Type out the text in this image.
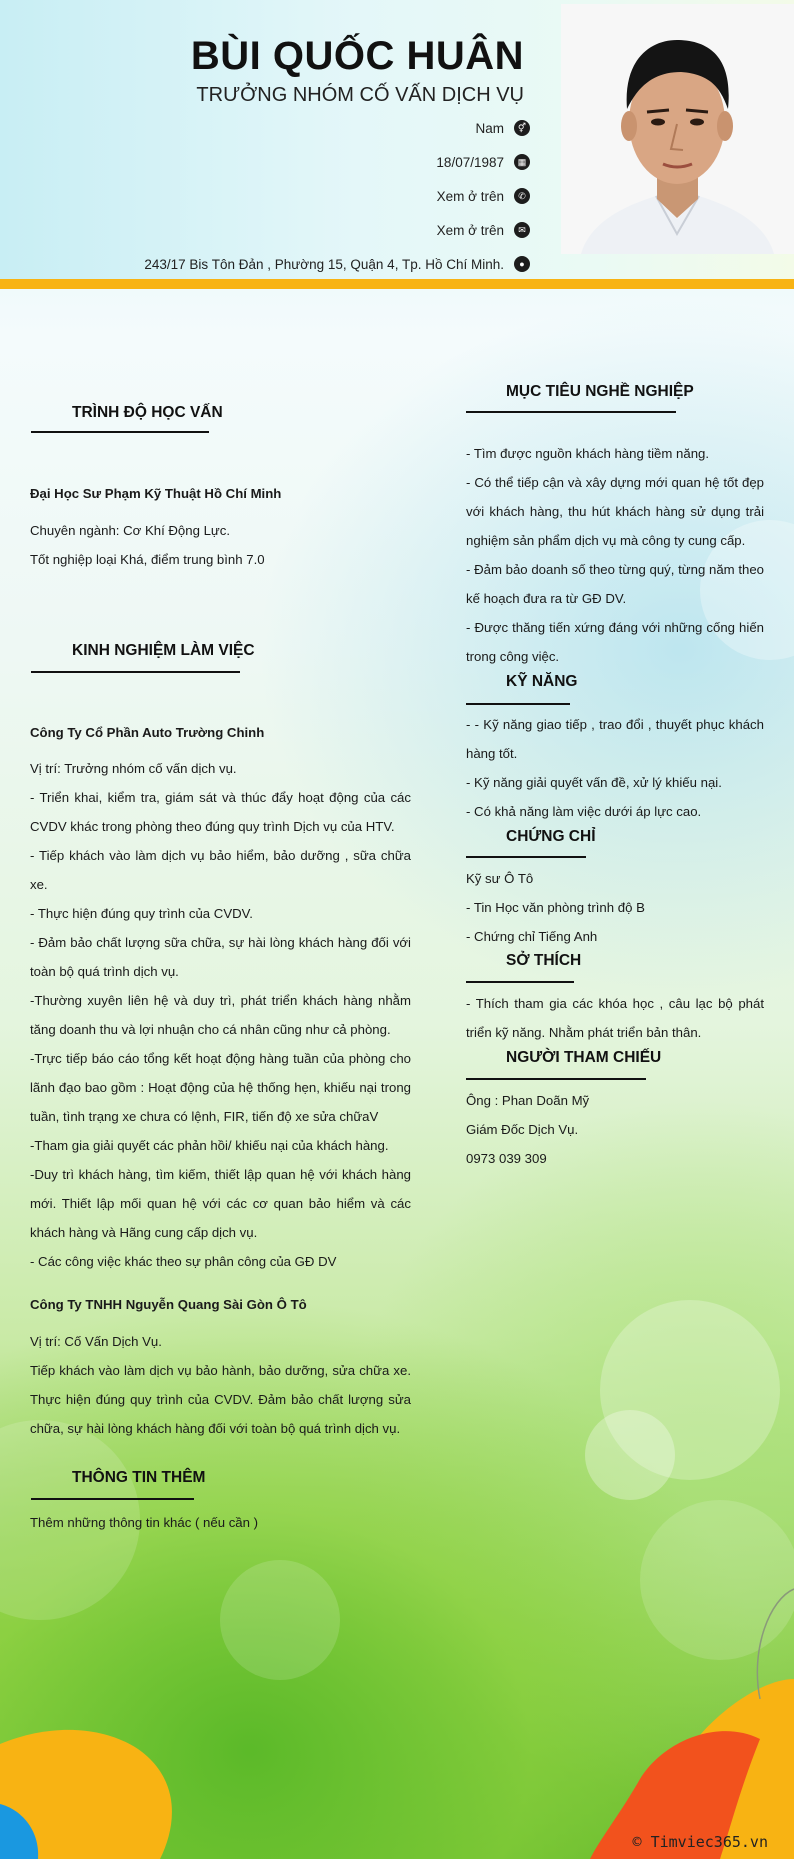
BÙI QUỐC HUÂN
TRƯỞNG NHÓM CỐ VẤN DỊCH VỤ
Nam	⚥
18/07/1987	▦
Xem ở trên	✆
Xem ở trên	✉
243/17 Bis Tôn Đản , Phường 15, Quận 4, Tp. Hồ Chí Minh.	●
TRÌNH ĐỘ HỌC VẤN
Đại Học Sư Phạm Kỹ Thuật Hồ Chí Minh
Chuyên ngành: Cơ Khí Động Lực.
Tốt nghiệp loại Khá, điểm trung bình 7.0
KINH NGHIỆM LÀM VIỆC
Công Ty Cổ Phần Auto Trường Chinh
Vị trí: Trưởng nhóm cố vấn dịch vụ.
- Triển khai, kiểm tra, giám sát và thúc đẩy hoạt động của các CVDV khác trong phòng theo đúng quy trình Dịch vụ của HTV.
- Tiếp khách vào làm dịch vụ bảo hiểm, bảo dưỡng , sữa chữa xe.
- Thực hiện đúng quy trình của CVDV.
- Đảm bảo chất lượng sữa chữa, sự hài lòng khách hàng đối với toàn bộ quá trình dịch vụ.
-Thường xuyên liên hệ và duy trì, phát triển khách hàng nhằm tăng doanh thu và lợi nhuận cho cá nhân cũng như cả phòng.
-Trực tiếp báo cáo tổng kết hoạt động hàng tuần của phòng cho lãnh đạo bao gồm : Hoạt động của hệ thống hẹn, khiếu nại trong tuần, tình trạng xe chưa có lệnh, FIR, tiến độ xe sửa chữaV
-Tham gia giải quyết các phản hồi/ khiếu nại của khách hàng.
-Duy trì khách hàng, tìm kiếm, thiết lập quan hệ với khách hàng mới. Thiết lập mối quan hệ với các cơ quan bảo hiểm và các khách hàng và Hãng cung cấp dịch vụ.
- Các công việc khác theo sự phân công của GĐ DV
Công Ty TNHH Nguyễn Quang Sài Gòn Ô Tô
Vị trí: Cố Vấn Dịch Vụ.
Tiếp khách vào làm dịch vụ bảo hành, bảo dưỡng, sửa chữa xe. Thực hiện đúng quy trình của CVDV. Đảm bảo chất lượng sửa chữa, sự hài lòng khách hàng đối với toàn bộ quá trình dịch vụ.
THÔNG TIN THÊM
Thêm những thông tin khác ( nếu cần )
MỤC TIÊU NGHỀ NGHIỆP
- Tìm được nguồn khách hàng tiềm năng.
- Có thể tiếp cận và xây dựng mới quan hệ tốt đẹp với khách hàng, thu hút khách hàng sử dụng trải nghiệm sản phẩm dịch vụ mà công ty cung cấp.
- Đảm bảo doanh số theo từng quý, từng năm theo kế hoạch đưa ra từ GĐ DV.
- Được thăng tiến xứng đáng với những cống hiến trong công việc.
KỸ NĂNG
- - Kỹ năng giao tiếp , trao đổi , thuyết phục khách hàng tốt.
- Kỹ năng giải quyết vấn đề, xử lý khiếu nại.
- Có khả năng làm việc dưới áp lực cao.
CHỨNG CHỈ
Kỹ sư Ô Tô
- Tin Học văn phòng trình độ B
- Chứng chỉ Tiếng Anh
SỞ THÍCH
- Thích tham gia các khóa học , câu lạc bộ phát triển kỹ năng. Nhằm phát triển bản thân.
NGƯỜI THAM CHIẾU
Ông : Phan Doãn Mỹ
Giám Đốc Dịch Vụ.
0973 039 309
© Timviec365.vn
